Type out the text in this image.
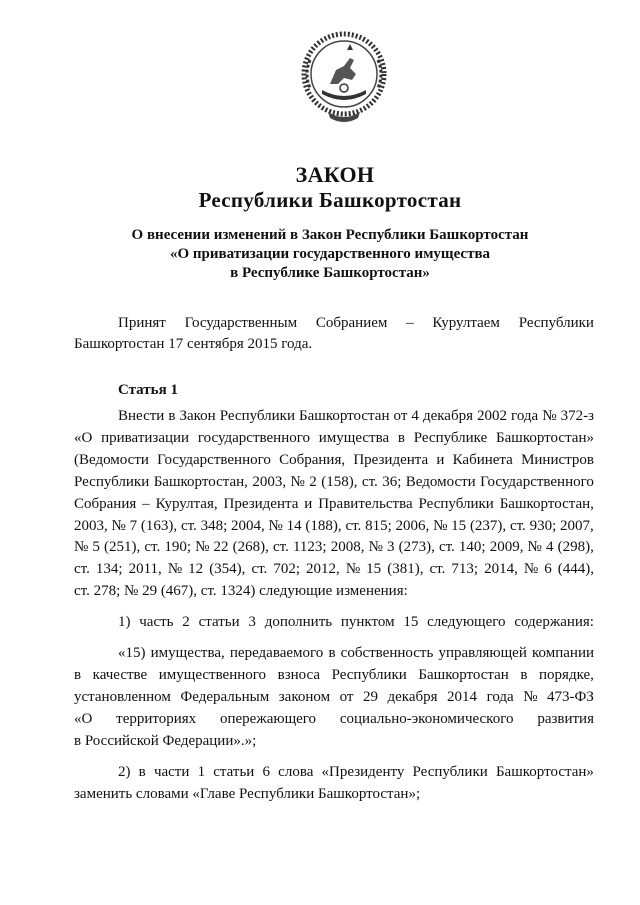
ЗАКОН
Республики Башкортостан
О внесении изменений в Закон Республики Башкортостан
«О приватизации государственного имущества
в Республике Башкортостан»
Принят Государственным Собранием – Курултаем Республики
Башкортостан 17 сентября 2015 года.
Статья 1
Внести в Закон Республики Башкортостан от 4 декабря 2002 года № 372-з
«О приватизации государственного имущества в Республике Башкортостан»
(Ведомости Государственного Собрания, Президента и Кабинета Министров
Республики Башкортостан, 2003, № 2 (158), ст. 36; Ведомости Государственного
Собрания – Курултая, Президента и Правительства Республики Башкортостан,
2003, № 7 (163), ст. 348; 2004, № 14 (188), ст. 815; 2006, № 15 (237), ст. 930; 2007,
№ 5 (251), ст. 190; № 22 (268), ст. 1123; 2008, № 3 (273), ст. 140; 2009, № 4 (298),
ст. 134; 2011, № 12 (354), ст. 702; 2012, № 15 (381), ст. 713; 2014, № 6 (444),
ст. 278; № 29 (467), ст. 1324) следующие изменения:
1) часть 2 статьи 3 дополнить пунктом 15 следующего содержания:
«15) имущества, передаваемого в собственность управляющей компании
в качестве имущественного взноса Республики Башкортостан в порядке,
установленном Федеральным законом от 29 декабря 2014 года № 473-ФЗ
«О территориях опережающего социально-экономического развития
в Российской Федерации».»;
2) в части 1 статьи 6 слова «Президенту Республики Башкортостан»
заменить словами «Главе Республики Башкортостан»;
